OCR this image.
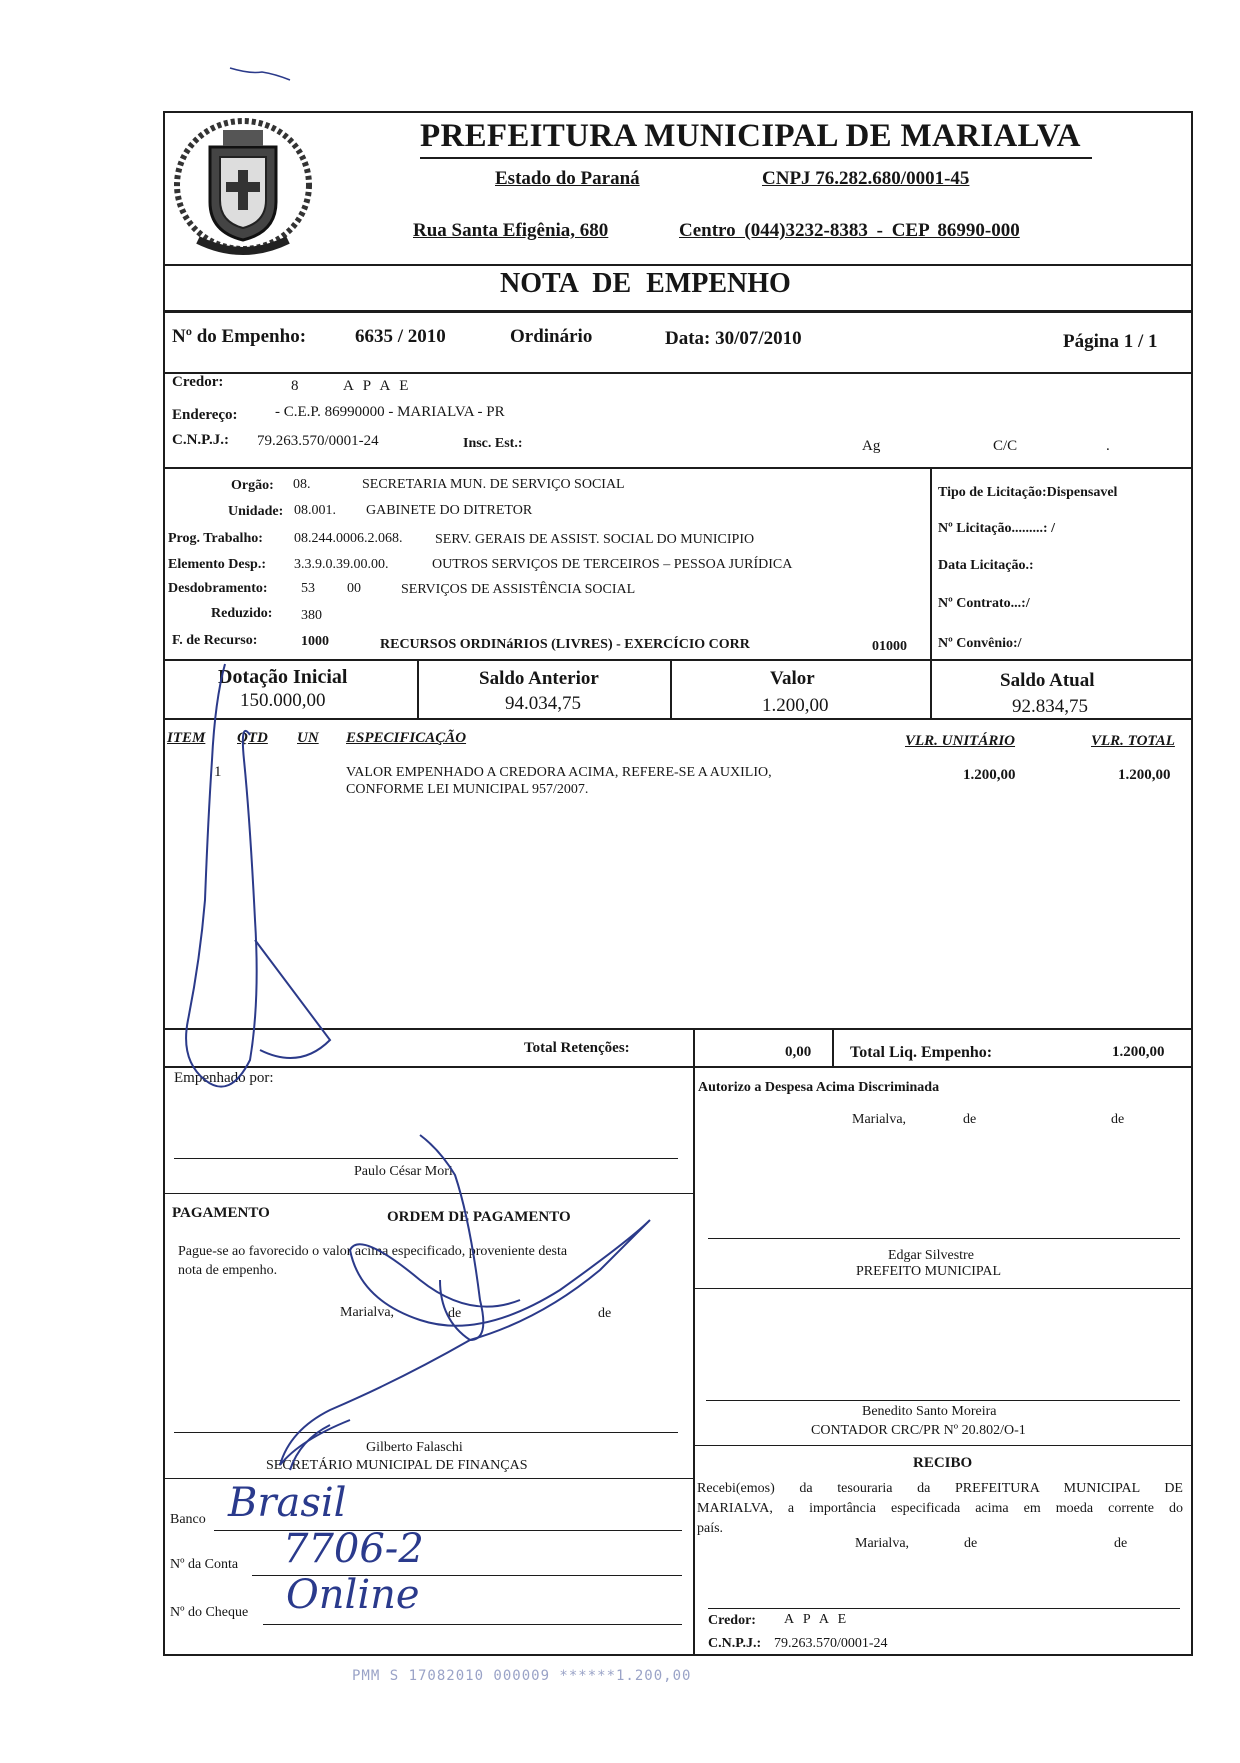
PREFEITURA MUNICIPAL DE MARIALVA
Estado do Paraná	CNPJ 76.282.680/0001-45
Rua Santa Efigênia, 680	Centro (044)3232-8383 - CEP 86990-000
NOTA DE EMPENHO
Nº do Empenho:	6635 / 2010	Ordinário	Data: 30/07/2010	Página 1 / 1
Credor:	8	A P A E
Endereço: - C.E.P. 86990000 - MARIALVA - PR
C.N.P.J.: 79.263.570/0001-24	Insc. Est.:	Ag	C/C	.
Orgão: 08.	SECRETARIA MUN. DE SERVIÇO SOCIAL
Unidade: 08.001. GABINETE DO DITRETOR
Prog. Trabalho: 08.244.0006.2.068. SERV. GERAIS DE ASSIST. SOCIAL DO MUNICIPIO
Elemento Desp.: 3.3.9.0.39.00.00.	OUTROS SERVIÇOS DE TERCEIROS – PESSOA JURÍDICA
Desdobramento: 53 00	SERVIÇOS DE ASSISTÊNCIA SOCIAL
Reduzido: 380
F. de Recurso:	1000	RECURSOS ORDINáRIOS (LIVRES) - EXERCÍCIO CORR	01000
Tipo de Licitação:Dispensavel
Nº Licitação.........: /
Data Licitação.:
Nº Contrato...:/
Nº Convênio:/
Dotação Inicial
150.000,00
Saldo Anterior
94.034,75
Valor
1.200,00
Saldo Atual
92.834,75
ITEM QTD UN ESPECIFICAÇÃO	VLR. UNITÁRIO	VLR. TOTAL
1	VALOR EMPENHADO A CREDORA ACIMA, REFERE-SE A AUXILIO,
CONFORME LEI MUNICIPAL 957/2007.
1.200,00	1.200,00
Total Retenções:	0,00 Total Liq. Empenho:	1.200,00
Empenhado por:
Paulo César Mori
Autorizo a Despesa Acima Discriminada
Marialva,	de	de
PAGAMENTO	ORDEM DE PAGAMENTO
Pague-se ao favorecido o valor acima especificado, proveniente desta
nota de empenho.
Marialva,	de	de
Gilberto Falaschi
SECRETÁRIO MUNICIPAL DE FINANÇAS
Banco Brasil
Nº da Conta 7706-2
Nº do Cheque Online
Edgar Silvestre
PREFEITO MUNICIPAL
Benedito Santo Moreira
CONTADOR CRC/PR Nº 20.802/O-1
RECIBO
Recebi(emos) da tesouraria da PREFEITURA MUNICIPAL DE
MARIALVA, a importância especificada acima em moeda corrente do
país.
Marialva,	de	de
Credor: A P A E
C.N.P.J.: 79.263.570/0001-24
PMM S 17082010 000009 ******1.200,00
